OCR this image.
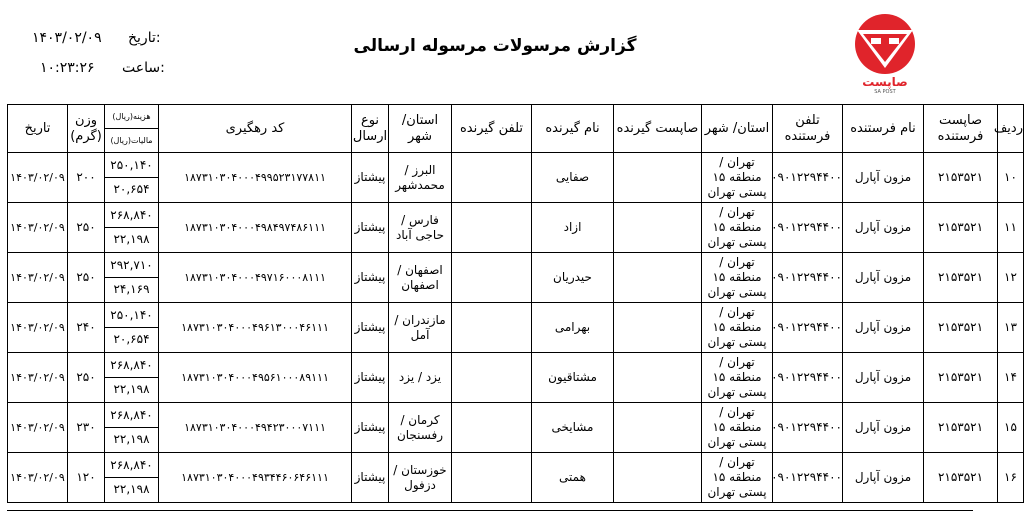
تاریخ:
۱۴۰۳/۰۲/۰۹
ساعت:
۱۰:۲۳:۲۶
گزارش مرسولات مرسوله ارسالی
صاپست
SA POST
ردیف	صاپست فرستنده	نام فرستنده	تلفن فرستنده	استان/ شهر	صاپست گیرنده	نام گیرنده	تلفن گیرنده	استان/ شهر	نوع ارسال	کد رهگیری	هزینه(ریال)
مالیات(ریال)	وزن (گرم)	تاریخ
۱۰	۲۱۵۳۵۲۱	مزون آپارل	۰۹۰۱۲۲۹۴۴۰۰	تهران / منطقه ۱۵ پستی تهران		صفایی		البرز / محمدشهر	پیشتاز	۱۸۷۳۱۰۳۰۴۰۰۰۴۹۹۵۲۳۱۷۷۸۱۱	۲۵۰,۱۴۰
۲۰,۶۵۴	۲۰۰	۱۴۰۳/۰۲/۰۹
۱۱	۲۱۵۳۵۲۱	مزون آپارل	۰۹۰۱۲۲۹۴۴۰۰	تهران / منطقه ۱۵ پستی تهران		ازاد		فارس / حاجی آباد	پیشتاز	۱۸۷۳۱۰۳۰۴۰۰۰۴۹۸۴۹۷۴۸۶۱۱۱	۲۶۸,۸۴۰
۲۲,۱۹۸	۲۵۰	۱۴۰۳/۰۲/۰۹
۱۲	۲۱۵۳۵۲۱	مزون آپارل	۰۹۰۱۲۲۹۴۴۰۰	تهران / منطقه ۱۵ پستی تهران		حیدریان		اصفهان / اصفهان	پیشتاز	۱۸۷۳۱۰۳۰۴۰۰۰۴۹۷۱۶۰۰۰۸۱۱۱	۲۹۲,۷۱۰
۲۴,۱۶۹	۲۵۰	۱۴۰۳/۰۲/۰۹
۱۳	۲۱۵۳۵۲۱	مزون آپارل	۰۹۰۱۲۲۹۴۴۰۰	تهران / منطقه ۱۵ پستی تهران		بهرامی		مازندران / آمل	پیشتاز	۱۸۷۳۱۰۳۰۴۰۰۰۴۹۶۱۳۰۰۰۴۶۱۱۱	۲۵۰,۱۴۰
۲۰,۶۵۴	۲۴۰	۱۴۰۳/۰۲/۰۹
۱۴	۲۱۵۳۵۲۱	مزون آپارل	۰۹۰۱۲۲۹۴۴۰۰	تهران / منطقه ۱۵ پستی تهران		مشتاقیون		یزد / یزد	پیشتاز	۱۸۷۳۱۰۳۰۴۰۰۰۴۹۵۶۱۰۰۰۸۹۱۱۱	۲۶۸,۸۴۰
۲۲,۱۹۸	۲۵۰	۱۴۰۳/۰۲/۰۹
۱۵	۲۱۵۳۵۲۱	مزون آپارل	۰۹۰۱۲۲۹۴۴۰۰	تهران / منطقه ۱۵ پستی تهران		مشایخی		کرمان / رفسنجان	پیشتاز	۱۸۷۳۱۰۳۰۴۰۰۰۴۹۴۲۳۰۰۰۷۱۱۱	۲۶۸,۸۴۰
۲۲,۱۹۸	۲۳۰	۱۴۰۳/۰۲/۰۹
۱۶	۲۱۵۳۵۲۱	مزون آپارل	۰۹۰۱۲۲۹۴۴۰۰	تهران / منطقه ۱۵ پستی تهران		همتی		خوزستان / دزفول	پیشتاز	۱۸۷۳۱۰۳۰۴۰۰۰۴۹۳۴۴۶۰۶۴۶۱۱۱	۲۶۸,۸۴۰
۲۲,۱۹۸	۱۲۰	۱۴۰۳/۰۲/۰۹
